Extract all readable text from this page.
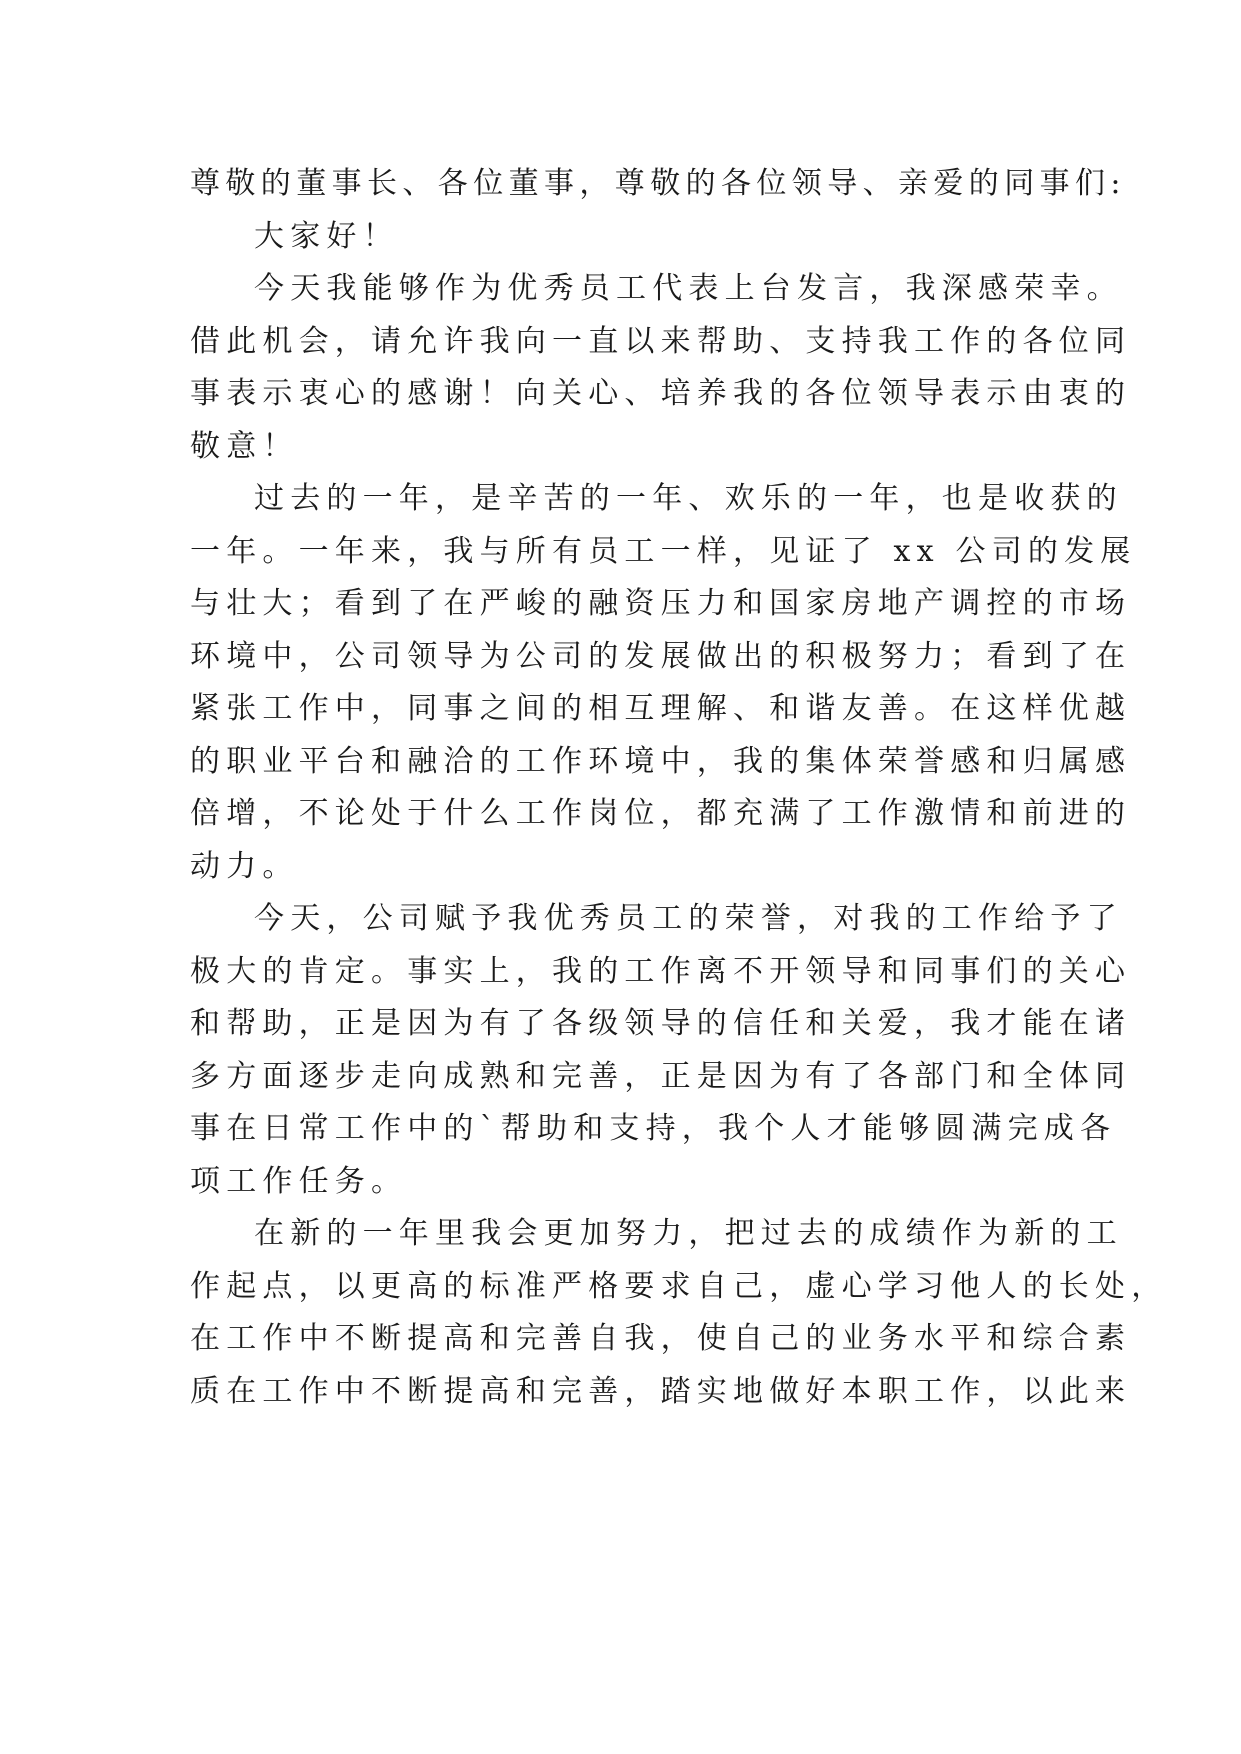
尊敬的董事长、各位董事，尊敬的各位领导、亲爱的同事们:
大家好！
今天我能够作为优秀员工代表上台发言，我深感荣幸。
借此机会，请允许我向一直以来帮助、支持我工作的各位同
事表示衷心的感谢！向关心、培养我的各位领导表示由衷的
敬意！
过去的一年，是辛苦的一年、欢乐的一年，也是收获的
一年。一年来，我与所有员工一样，见证了 xx 公司的发展
与壮大；看到了在严峻的融资压力和国家房地产调控的市场
环境中，公司领导为公司的发展做出的积极努力；看到了在
紧张工作中，同事之间的相互理解、和谐友善。在这样优越
的职业平台和融洽的工作环境中，我的集体荣誉感和归属感
倍增，不论处于什么工作岗位，都充满了工作激情和前进的
动力。
今天，公司赋予我优秀员工的荣誉，对我的工作给予了
极大的肯定。事实上，我的工作离不开领导和同事们的关心
和帮助，正是因为有了各级领导的信任和关爱，我才能在诸
多方面逐步走向成熟和完善，正是因为有了各部门和全体同
事在日常工作中的`帮助和支持，我个人才能够圆满完成各
项工作任务。
在新的一年里我会更加努力，把过去的成绩作为新的工
作起点，以更高的标准严格要求自己，虚心学习他人的长处，
在工作中不断提高和完善自我，使自己的业务水平和综合素
质在工作中不断提高和完善，踏实地做好本职工作，以此来
